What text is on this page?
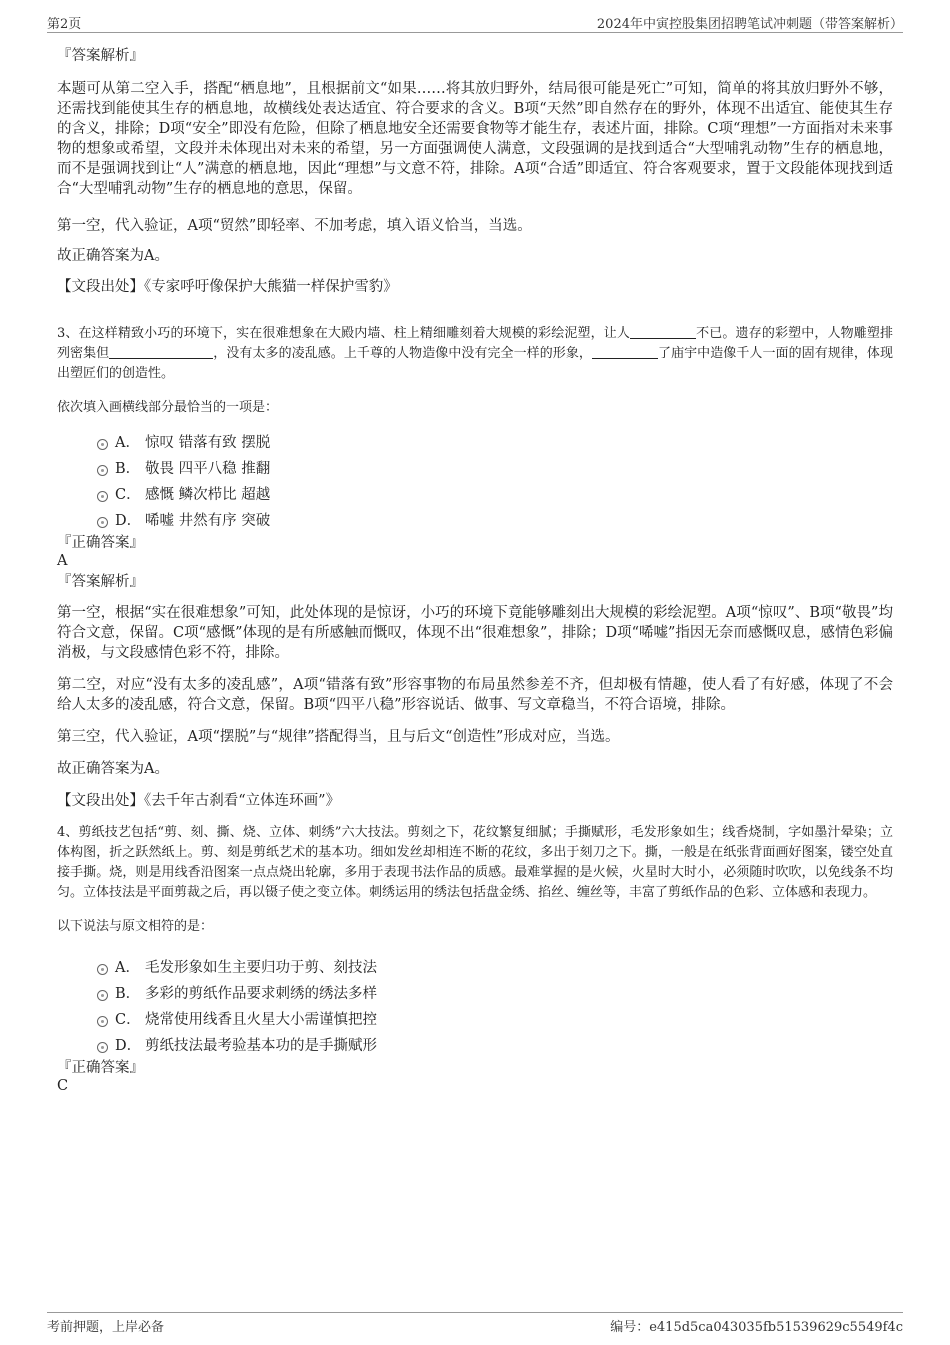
第2页	2024年中寅控股集团招聘笔试冲刺题（带答案解析）

『答案解析』

本题可从第二空入手，搭配“栖息地”，且根据前文“如果……将其放归野外，结局很可能是死亡”可知，简单的将其放归野外不够，还需找到能使其生存的栖息地，故横线处表达适宜、符合要求的含义。B项“天然”即自然存在的野外，体现不出适宜、能使其生存的含义，排除；D项“安全”即没有危险，但除了栖息地安全还需要食物等才能生存，表述片面，排除。C项“理想”一方面指对未来事物的想象或希望，文段并未体现出对未来的希望，另一方面强调使人满意，文段强调的是找到适合“大型哺乳动物”生存的栖息地，而不是强调找到让“人”满意的栖息地，因此“理想”与文意不符，排除。A项“合适”即适宜、符合客观要求，置于文段能体现找到适合“大型哺乳动物”生存的栖息地的意思，保留。

第一空，代入验证，A项“贸然”即轻率、不加考虑，填入语义恰当，当选。

故正确答案为A。

【文段出处】《专家呼吁像保护大熊猫一样保护雪豹》

3、在这样精致小巧的环境下，实在很难想象在大殿内墙、柱上精细雕刻着大规模的彩绘泥塑，让人	不已。遗存的彩塑中，人物雕塑排列密集但	，没有太多的凌乱感。上千尊的人物造像中没有完全一样的形象，	了庙宇中造像千人一面的固有规律，体现出塑匠们的创造性。

依次填入画横线部分最恰当的一项是：

A． 惊叹 错落有致 摆脱
B． 敬畏 四平八稳 推翻
C． 感慨 鳞次栉比 超越
D． 唏嘘 井然有序 突破

『正确答案』

A

『答案解析』

第一空，根据“实在很难想象”可知，此处体现的是惊讶，小巧的环境下竟能够雕刻出大规模的彩绘泥塑。A项“惊叹”、B项“敬畏”均符合文意，保留。C项“感慨”体现的是有所感触而慨叹，体现不出“很难想象”，排除；D项“唏嘘”指因无奈而感慨叹息，感情色彩偏消极，与文段感情色彩不符，排除。

第二空，对应“没有太多的凌乱感”，A项“错落有致”形容事物的布局虽然参差不齐，但却极有情趣，使人看了有好感，体现了不会给人太多的凌乱感，符合文意，保留。B项“四平八稳”形容说话、做事、写文章稳当，不符合语境，排除。

第三空，代入验证，A项“摆脱”与“规律”搭配得当，且与后文“创造性”形成对应，当选。

故正确答案为A。

【文段出处】《去千年古刹看“立体连环画”》

4、剪纸技艺包括“剪、刻、撕、烧、立体、刺绣”六大技法。剪刻之下，花纹繁复细腻；手撕赋形，毛发形象如生；线香烧制，字如墨汁晕染；立体构图，折之跃然纸上。剪、刻是剪纸艺术的基本功。细如发丝却相连不断的花纹，多出于刻刀之下。撕，一般是在纸张背面画好图案，镂空处直接手撕。烧，则是用线香沿图案一点点烧出轮廓，多用于表现书法作品的质感。最难掌握的是火候，火星时大时小，必须随时吹吹，以免线条不均匀。立体技法是平面剪裁之后，再以镊子使之变立体。刺绣运用的绣法包括盘金绣、掐丝、缠丝等，丰富了剪纸作品的色彩、立体感和表现力。

以下说法与原文相符的是：

A． 毛发形象如生主要归功于剪、刻技法
B． 多彩的剪纸作品要求刺绣的绣法多样
C． 烧常使用线香且火星大小需谨慎把控
D． 剪纸技法最考验基本功的是手撕赋形

『正确答案』

C

考前押题，上岸必备	编号：e415d5ca043035fb51539629c5549f4c
